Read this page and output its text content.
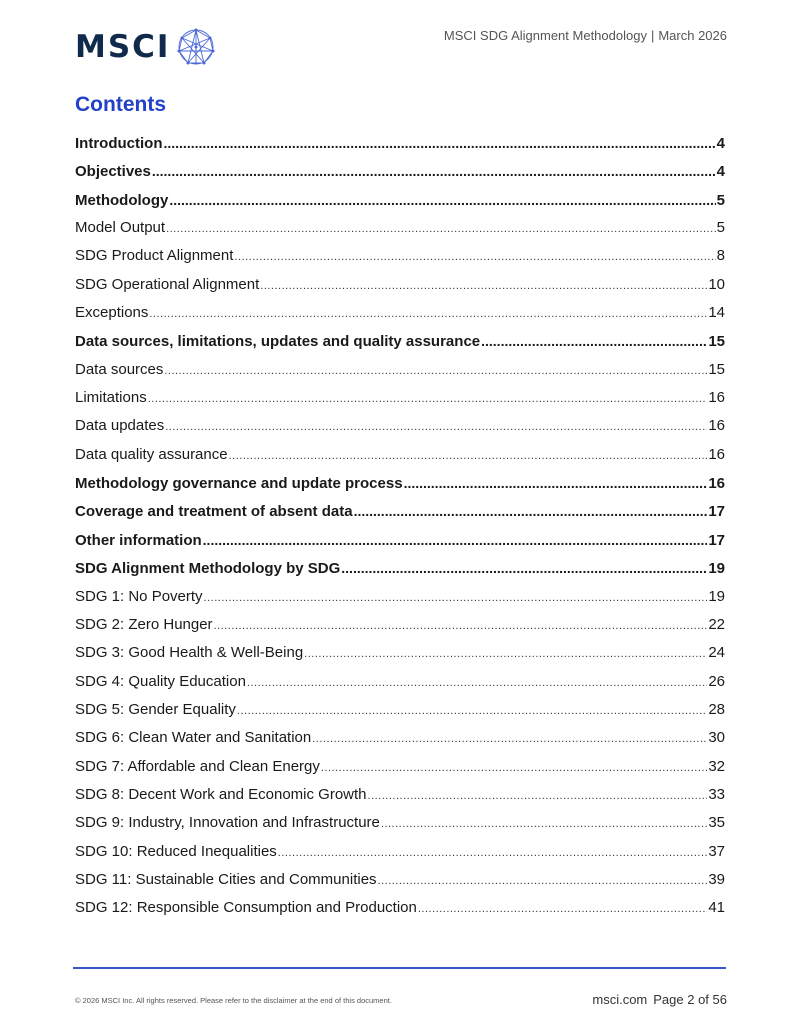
MSCI	MSCI SDG Alignment Methodology | March 2026
Contents
Introduction .....	4
Objectives .....	4
Methodology .....	5
Model Output .....	5
SDG Product Alignment .....	8
SDG Operational Alignment .....	10
Exceptions .....	14
Data sources, limitations, updates and quality assurance .....	15
Data sources .....	15
Limitations .....	16
Data updates .....	16
Data quality assurance .....	16
Methodology governance and update process .....	16
Coverage and treatment of absent data .....	17
Other information .....	17
SDG Alignment Methodology by SDG .....	19
SDG 1: No Poverty .....	19
SDG 2: Zero Hunger .....	22
SDG 3: Good Health & Well-Being .....	24
SDG 4: Quality Education .....	26
SDG 5: Gender Equality .....	28
SDG 6: Clean Water and Sanitation .....	30
SDG 7: Affordable and Clean Energy .....	32
SDG 8: Decent Work and Economic Growth .....	33
SDG 9: Industry, Innovation and Infrastructure .....	35
SDG 10: Reduced Inequalities .....	37
SDG 11: Sustainable Cities and Communities .....	39
SDG 12: Responsible Consumption and Production .....	41
© 2026 MSCI Inc. All rights reserved. Please refer to the disclaimer at the end of this document.	msci.com Page 2 of 56
